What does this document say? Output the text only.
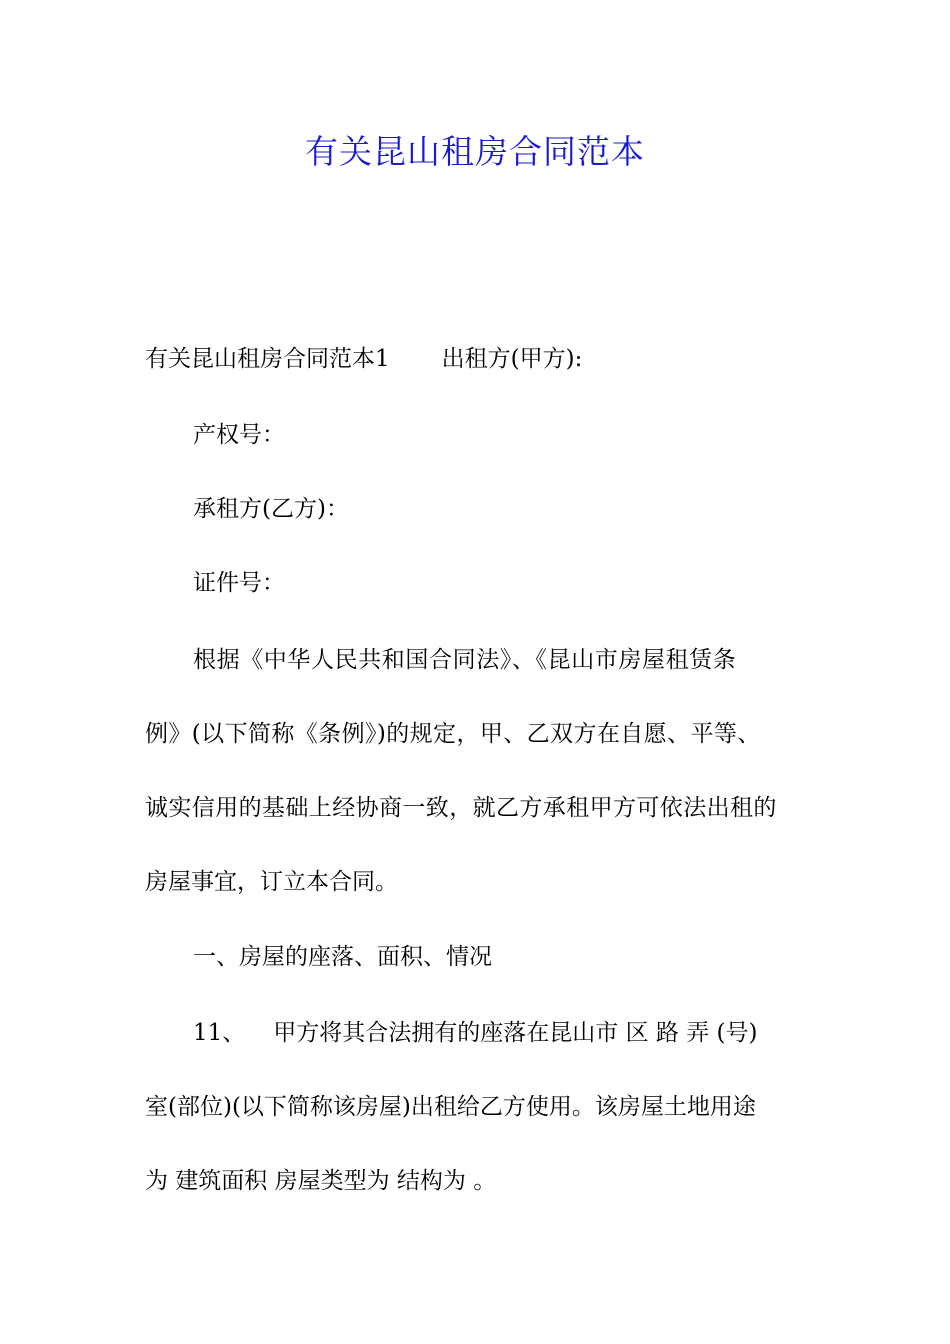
有关昆山租房合同范本

有关昆山租房合同范本1 出租方(甲方):

产权号：

承租方(乙方)：

证件号：

根据《中华人民共和国合同法》、《昆山市房屋租赁条

例》(以下简称《条例》)的规定，甲、乙双方在自愿、平等、

诚实信用的基础上经协商一致，就乙方承租甲方可依法出租的

房屋事宜，订立本合同。

一、房屋的座落、面积、情况

11、 甲方将其合法拥有的座落在昆山市 区 路 弄 (号)

室(部位)(以下简称该房屋)出租给乙方使用。该房屋土地用途

为 建筑面积 房屋类型为 结构为 。
